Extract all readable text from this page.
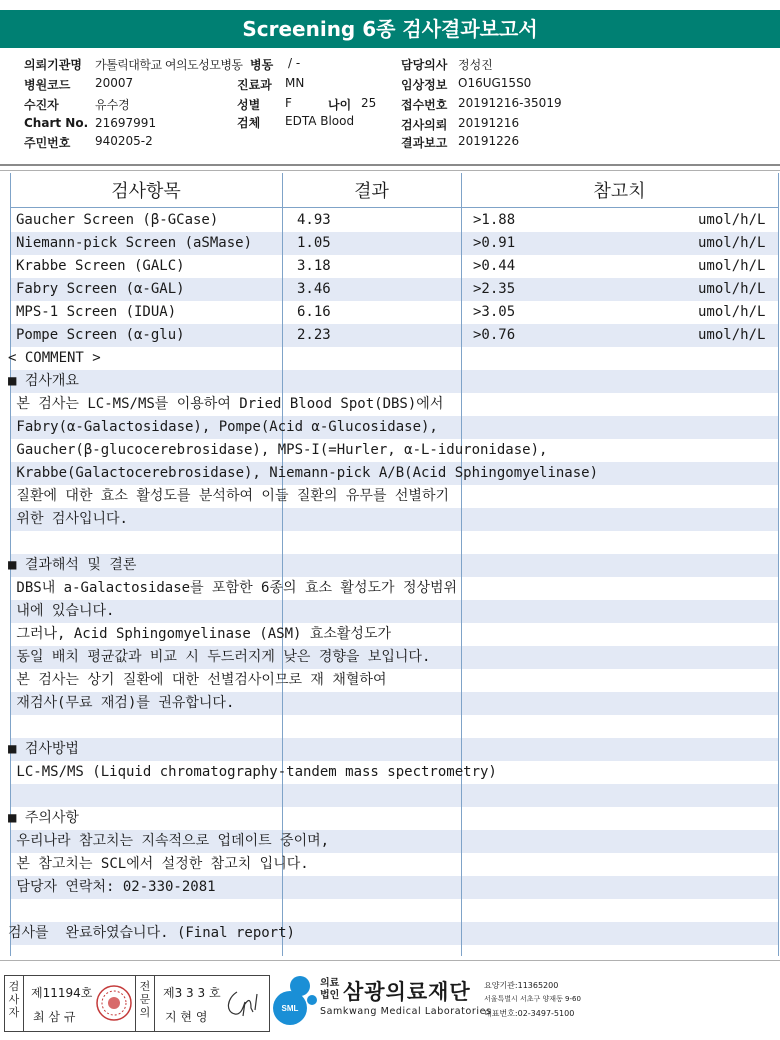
Screening 6종 검사결과보고서
의뢰기관명 가톨릭대학교 여의도성모병동 병동 / -	담당의사 정성진
병원코드 20007	진료과 MN	임상정보 O16UG15S0
수진자	유수경	성별 F	나이 25 접수번호 20191216-35019
Chart No. 21697991	검체 EDTA Blood	검사의뢰 20191216
주민번호 940205-2	결과보고 20191226
검사항목	결과	참고치
Gaucher Screen (β-GCase)	4.93	>1.88	umol/h/L
Niemann-pick Screen (aSMase)	1.05	>0.91	umol/h/L
Krabbe Screen (GALC)	3.18	>0.44	umol/h/L
Fabry Screen (α-GAL)	3.46	>2.35	umol/h/L
MPS-1 Screen (IDUA)	6.16	>3.05	umol/h/L
Pompe Screen (α-glu)	2.23	>0.76	umol/h/L
< COMMENT >
■ 검사개요
본 검사는 LC-MS/MS를 이용하여 Dried Blood Spot(DBS)에서
Fabry(α-Galactosidase), Pompe(Acid α-Glucosidase),
Gaucher(β-glucocerebrosidase), MPS-I(=Hurler, α-L-iduronidase),
Krabbe(Galactocerebrosidase), Niemann-pick A/B(Acid Sphingomyelinase)
질환에 대한 효소 활성도를 분석하여 이들 질환의 유무를 선별하기
위한 검사입니다.
■ 결과해석 및 결론
DBS내 a-Galactosidase를 포함한 6종의 효소 활성도가 정상범위
내에 있습니다.
그러나, Acid Sphingomyelinase (ASM) 효소활성도가
동일 배치 평균값과 비교 시 두드러지게 낮은 경향을 보입니다.
본 검사는 상기 질환에 대한 선별검사이므로 재 채혈하여
재검사(무료 재검)를 권유합니다.
■ 검사방법
LC-MS/MS (Liquid chromatography-tandem mass spectrometry)
■ 주의사항
우리나라 참고치는 지속적으로 업데이트 중이며,
본 참고치는 SCL에서 설정한 참고치 입니다.
담당자 연락처: 02-330-2081
검사를  완료하였습니다. (Final report)
검사자
제11194호
최 삼 규
전문의
제3 3 3 호
지 현 영
SML
의료법인 삼광의료재단
Samkwang Medical Laboratories
요양기관:11365200
서울특별시 서초구 양재동 9-60
대표번호:02-3497-5100
